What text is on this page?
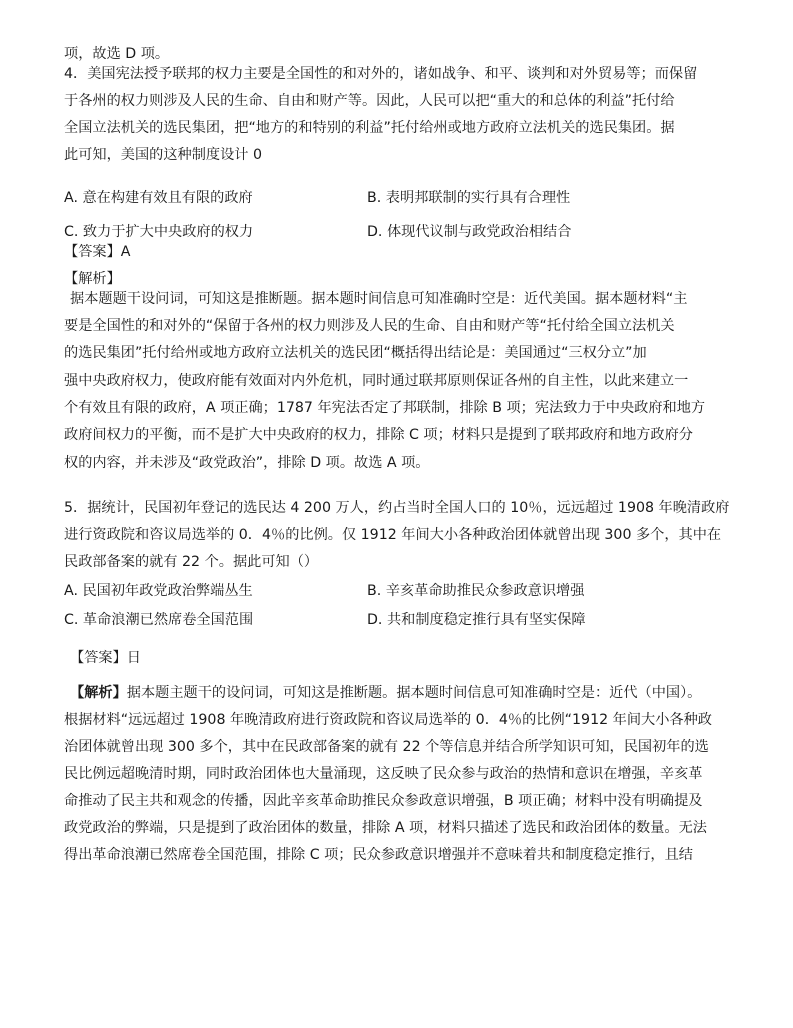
项，故选 D 项。
4．美国宪法授予联邦的权力主要是全国性的和对外的，诸如战争、和平、谈判和对外贸易等；而保留
于各州的权力则涉及人民的生命、自由和财产等。因此，人民可以把“重大的和总体的利益”托付给
全国立法机关的选民集团，把“地方的和特别的利益”托付给州或地方政府立法机关的选民集团。据
此可知，美国的这种制度设计 0
A. 意在构建有效且有限的政府	B. 表明邦联制的实行具有合理性
C. 致力于扩大中央政府的权力	D. 体现代议制与政党政治相结合
【答案】A
【解析】
据本题题干设问词，可知这是推断题。据本题时间信息可知准确时空是：近代美国。据本题材料“主
要是全国性的和对外的“保留于各州的权力则涉及人民的生命、自由和财产等“托付给全国立法机关
的选民集团”托付给州或地方政府立法机关的选民团“概括得出结论是：美国通过“三权分立”加
强中央政府权力，使政府能有效面对内外危机，同时通过联邦原则保证各州的自主性，以此来建立一
个有效且有限的政府，A 项正确；1787 年宪法否定了邦联制，排除 B 项；宪法致力于中央政府和地方
政府间权力的平衡，而不是扩大中央政府的权力，排除 C 项；材料只是提到了联邦政府和地方政府分
权的内容，并未涉及“政党政治”，排除 D 项。故选 A 项。
5．据统计，民国初年登记的选民达 4 200 万人，约占当时全国人口的 10％，远远超过 1908 年晚清政府
进行资政院和咨议局选举的 0．4％的比例。仅 1912 年间大小各种政治团体就曾出现 300 多个，其中在
民政部备案的就有 22 个。据此可知（）
A. 民国初年政党政治弊端丛生	B. 辛亥革命助推民众参政意识增强
C. 革命浪潮已然席卷全国范围	D. 共和制度稳定推行具有坚实保障
【答案】日
【解析】据本题主题干的设问词，可知这是推断题。据本题时间信息可知准确时空是：近代（中国）。
根据材料“远远超过 1908 年晚清政府进行资政院和咨议局选举的 0．4％的比例“1912 年间大小各种政
治团体就曾出现 300 多个，其中在民政部备案的就有 22 个等信息并结合所学知识可知，民国初年的选
民比例远超晚清时期，同时政治团体也大量涌现，这反映了民众参与政治的热情和意识在增强，辛亥革
命推动了民主共和观念的传播，因此辛亥革命助推民众参政意识增强，B 项正确；材料中没有明确提及
政党政治的弊端，只是提到了政治团体的数量，排除 A 项，材料只描述了选民和政治团体的数量。无法
得出革命浪潮已然席卷全国范围，排除 C 项；民众参政意识增强并不意味着共和制度稳定推行，且结
